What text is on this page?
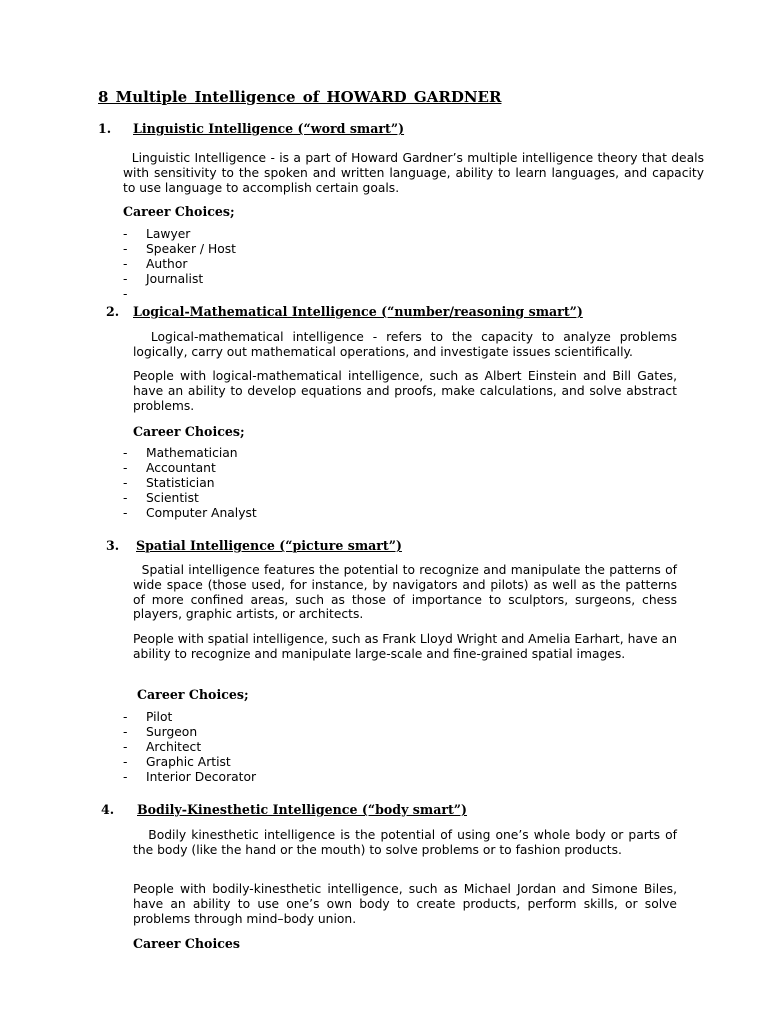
8 Multiple Intelligence of HOWARD GARDNER
1. Linguistic Intelligence (“word smart”)
Linguistic Intelligence - is a part of Howard Gardner’s multiple intelligence theory that deals with sensitivity to the spoken and written language, ability to learn languages, and capacity to use language to accomplish certain goals.
Career Choices;
- Lawyer
- Speaker / Host
- Author
- Journalist
-
2. Logical-Mathematical Intelligence (“number/reasoning smart”)
Logical-mathematical intelligence - refers to the capacity to analyze problems logically, carry out mathematical operations, and investigate issues scientifically.
People with logical-mathematical intelligence, such as Albert Einstein and Bill Gates, have an ability to develop equations and proofs, make calculations, and solve abstract problems.
Career Choices;
- Mathematician
- Accountant
- Statistician
- Scientist
- Computer Analyst
3. Spatial Intelligence (“picture smart”)
Spatial intelligence features the potential to recognize and manipulate the patterns of wide space (those used, for instance, by navigators and pilots) as well as the patterns of more confined areas, such as those of importance to sculptors, surgeons, chess players, graphic artists, or architects.
People with spatial intelligence, such as Frank Lloyd Wright and Amelia Earhart, have an ability to recognize and manipulate large-scale and fine-grained spatial images.
Career Choices;
- Pilot
- Surgeon
- Architect
- Graphic Artist
- Interior Decorator
4. Bodily-Kinesthetic Intelligence (“body smart”)
Bodily kinesthetic intelligence is the potential of using one’s whole body or parts of the body (like the hand or the mouth) to solve problems or to fashion products.
People with bodily-kinesthetic intelligence, such as Michael Jordan and Simone Biles, have an ability to use one’s own body to create products, perform skills, or solve problems through mind–body union.
Career Choices
